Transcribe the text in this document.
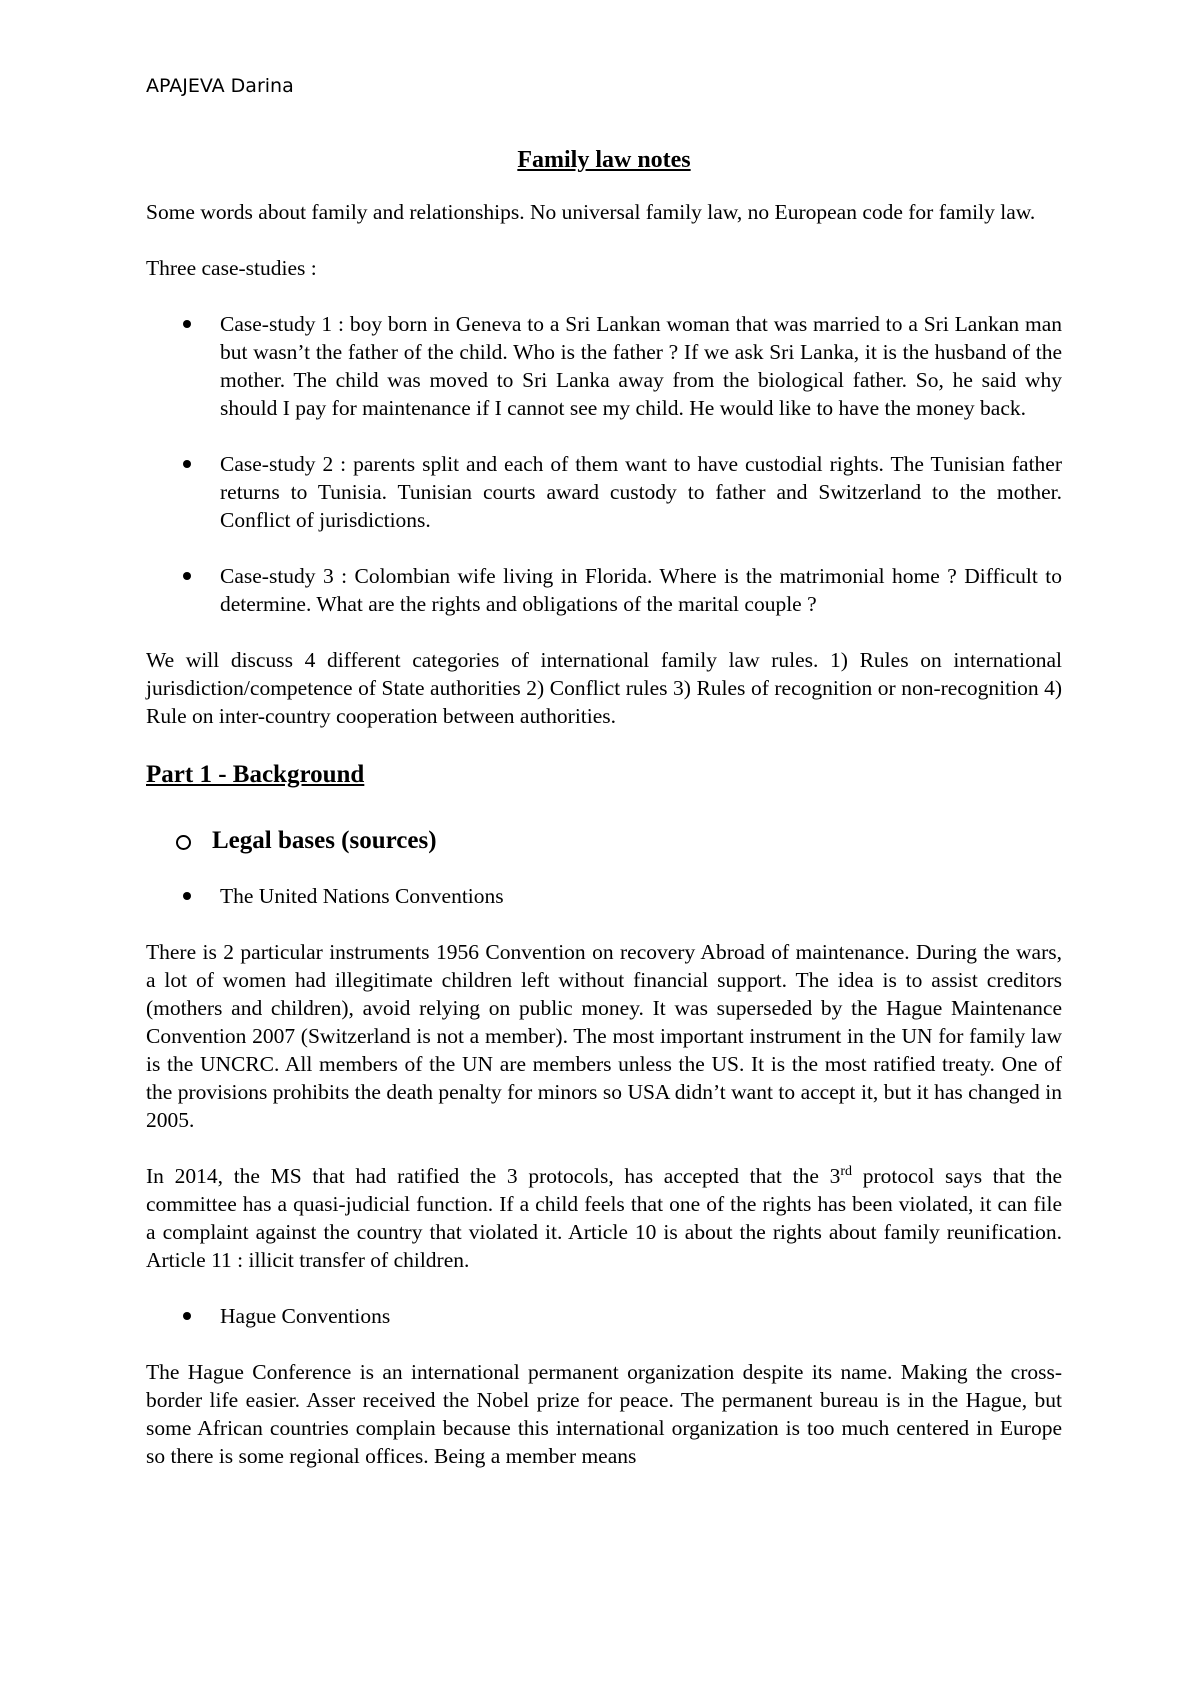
APAJEVA Darina
Family law notes

Some words about family and relationships. No universal family law, no European code for family law.

Three case-studies :

Case-study 1 : boy born in Geneva to a Sri Lankan woman that was married to a Sri Lankan man but wasn’t the father of the child. Who is the father ? If we ask Sri Lanka, it is the husband of the mother. The child was moved to Sri Lanka away from the biological father. So, he said why should I pay for maintenance if I cannot see my child. He would like to have the money back.
Case-study 2 : parents split and each of them want to have custodial rights. The Tunisian father returns to Tunisia. Tunisian courts award custody to father and Switzerland to the mother. Conflict of jurisdictions.
Case-study 3 : Colombian wife living in Florida. Where is the matrimonial home ? Difficult to determine. What are the rights and obligations of the marital couple ?

We will discuss 4 different categories of international family law rules. 1) Rules on international jurisdiction/competence of State authorities 2) Conflict rules 3) Rules of recognition or non-recognition 4) Rule on inter-country cooperation between authorities.

Part 1 - Background
Legal bases (sources)
The United Nations Conventions

There is 2 particular instruments 1956 Convention on recovery Abroad of maintenance. During the wars, a lot of women had illegitimate children left without financial support. The idea is to assist creditors (mothers and children), avoid relying on public money. It was superseded by the Hague Maintenance Convention 2007 (Switzerland is not a member). The most important instrument in the UN for family law is the UNCRC. All members of the UN are members unless the US. It is the most ratified treaty. One of the provisions prohibits the death penalty for minors so USA didn’t want to accept it, but it has changed in 2005.

In 2014, the MS that had ratified the 3 protocols, has accepted that the 3rd protocol says that the committee has a quasi-judicial function. If a child feels that one of the rights has been violated, it can file a complaint against the country that violated it. Article 10 is about the rights about family reunification. Article 11 : illicit transfer of children.

Hague Conventions

The Hague Conference is an international permanent organization despite its name. Making the cross-border life easier. Asser received the Nobel prize for peace. The permanent bureau is in the Hague, but some African countries complain because this international organization is too much centered in Europe so there is some regional offices. Being a member means
